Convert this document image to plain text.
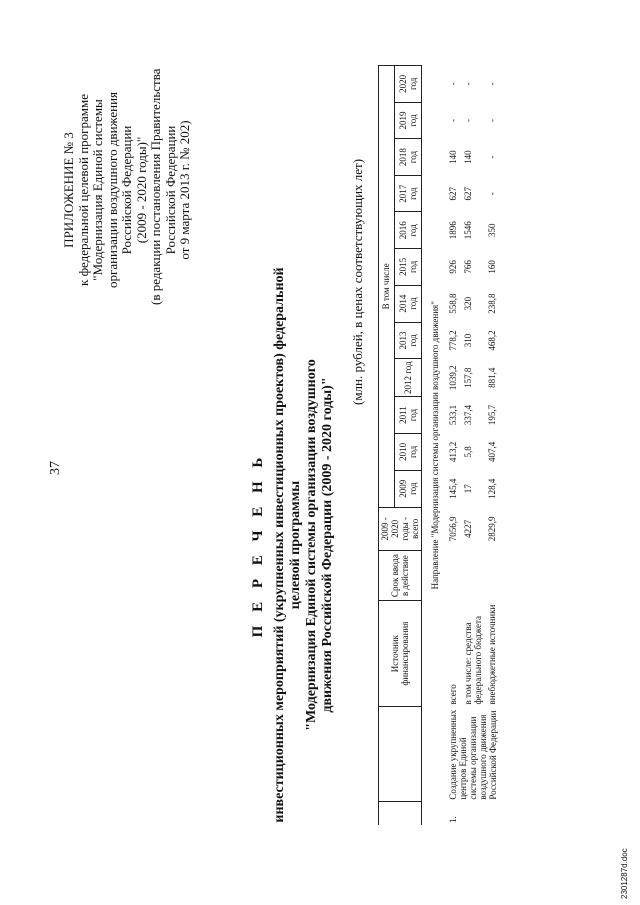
37
ПРИЛОЖЕНИЕ № 3 к федеральной целевой программе "Модернизация Единой системы организации воздушного движения Российской Федерации (2009 - 2020 годы)" (в редакции постановления Правительства Российской Федерации от 9 марта 2013 г. № 202)
П Е Р Е Ч Е Н Ь инвестиционных мероприятий (укрупненных инвестиционных проектов) федеральной целевой программы "Модернизация Единой системы организации воздушного движения Российской Федерации (2009 - 2020 годы)"
(млн. рублей, в ценах соответствующих лет)
		Источник финансирования	Срок ввода в действие	2009 - 2020 годы - всего	В том числе											
					2009 год	2010 год	2011 год	2012 год	2013 год	2014 год	2015 год	2016 год	2017 год	2018 год	2019 год	2020 год
Направление "Модернизация системы организации воздушного движения"																
1.	Создание укрупненных центров Единой системы организации воздушного движения Российской Федерации	всего		7056,9	145,4	413,2	533,1	1039,2	778,2	558,8	926	1896	627	140	-	-
		в том числе: средства федерального бюджета		4227	17	5,8	337,4	157,8	310	320	766	1546	627	140	-	-
		внебюджетные источники		2829,9	128,4	407,4	195,7	881,4	468,2	238,8	160	350	-	-	-	-
2301287d.doc
